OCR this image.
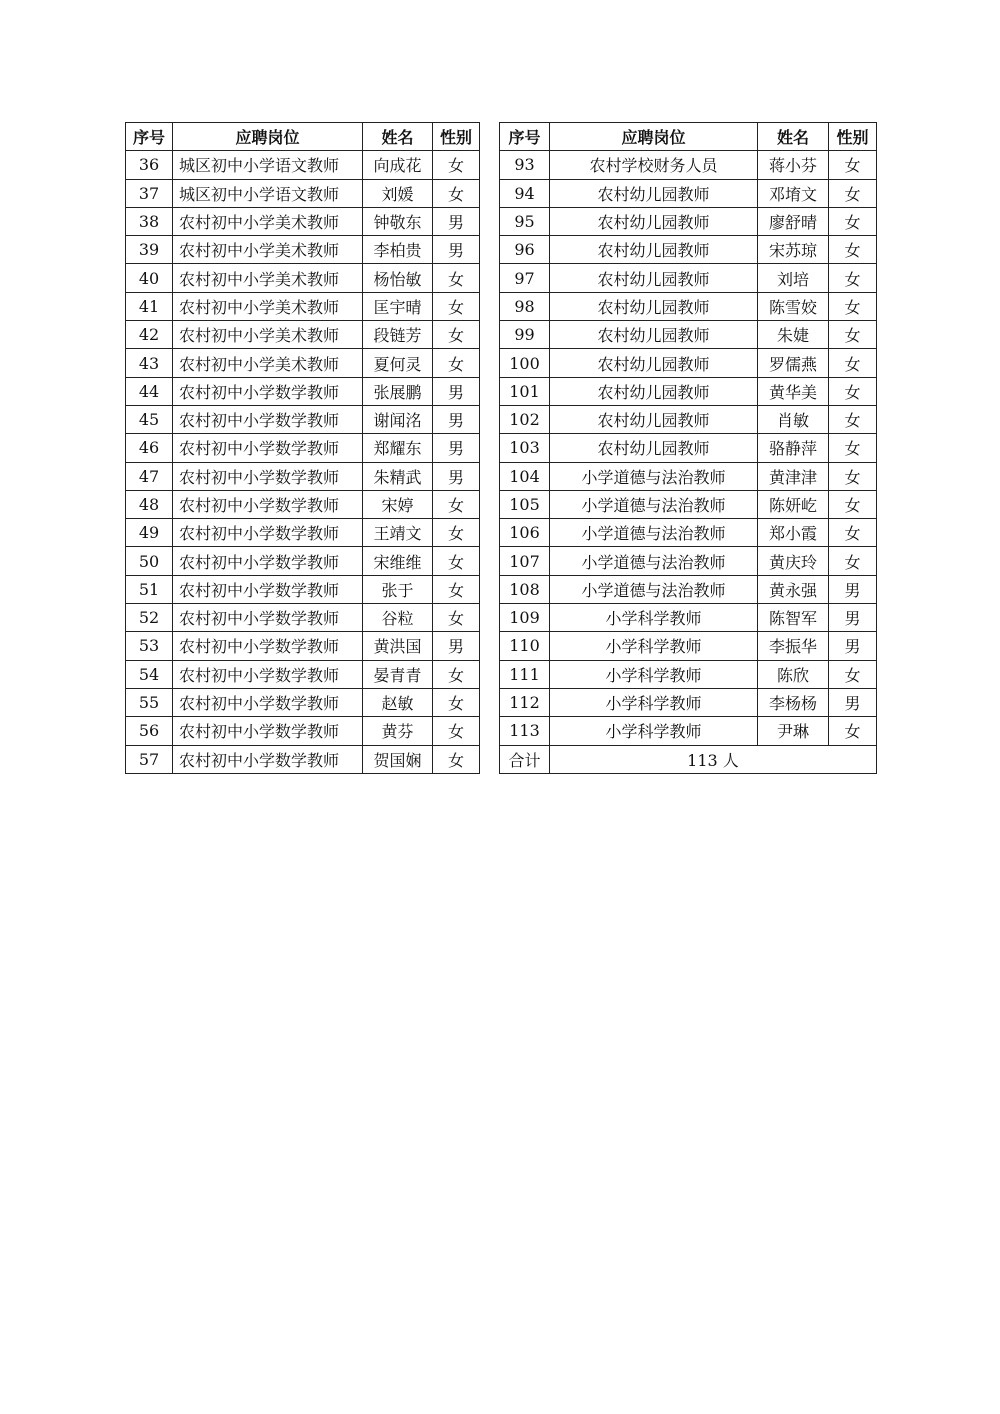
序号	应聘岗位	姓名	性别		序号	应聘岗位	姓名	性别
36	城区初中小学语文教师	向成花	女		93	农村学校财务人员	蒋小芬	女
37	城区初中小学语文教师	刘媛	女		94	农村幼儿园教师	邓堉文	女
38	农村初中小学美术教师	钟敬东	男		95	农村幼儿园教师	廖舒晴	女
39	农村初中小学美术教师	李柏贵	男		96	农村幼儿园教师	宋苏琼	女
40	农村初中小学美术教师	杨怡敏	女		97	农村幼儿园教师	刘培	女
41	农村初中小学美术教师	匡宇晴	女		98	农村幼儿园教师	陈雪姣	女
42	农村初中小学美术教师	段链芳	女		99	农村幼儿园教师	朱婕	女
43	农村初中小学美术教师	夏何灵	女		100	农村幼儿园教师	罗儒燕	女
44	农村初中小学数学教师	张展鹏	男		101	农村幼儿园教师	黄华美	女
45	农村初中小学数学教师	谢闻洺	男		102	农村幼儿园教师	肖敏	女
46	农村初中小学数学教师	郑耀东	男		103	农村幼儿园教师	骆静萍	女
47	农村初中小学数学教师	朱精武	男		104	小学道德与法治教师	黄津津	女
48	农村初中小学数学教师	宋婷	女		105	小学道德与法治教师	陈妍屹	女
49	农村初中小学数学教师	王靖文	女		106	小学道德与法治教师	郑小霞	女
50	农村初中小学数学教师	宋维维	女		107	小学道德与法治教师	黄庆玲	女
51	农村初中小学数学教师	张于	女		108	小学道德与法治教师	黄永强	男
52	农村初中小学数学教师	谷粒	女		109	小学科学教师	陈智军	男
53	农村初中小学数学教师	黄洪国	男		110	小学科学教师	李振华	男
54	农村初中小学数学教师	晏青青	女		111	小学科学教师	陈欣	女
55	农村初中小学数学教师	赵敏	女		112	小学科学教师	李杨杨	男
56	农村初中小学数学教师	黄芬	女		113	小学科学教师	尹琳	女
57	农村初中小学数学教师	贺国娴	女		合计	113 人		
